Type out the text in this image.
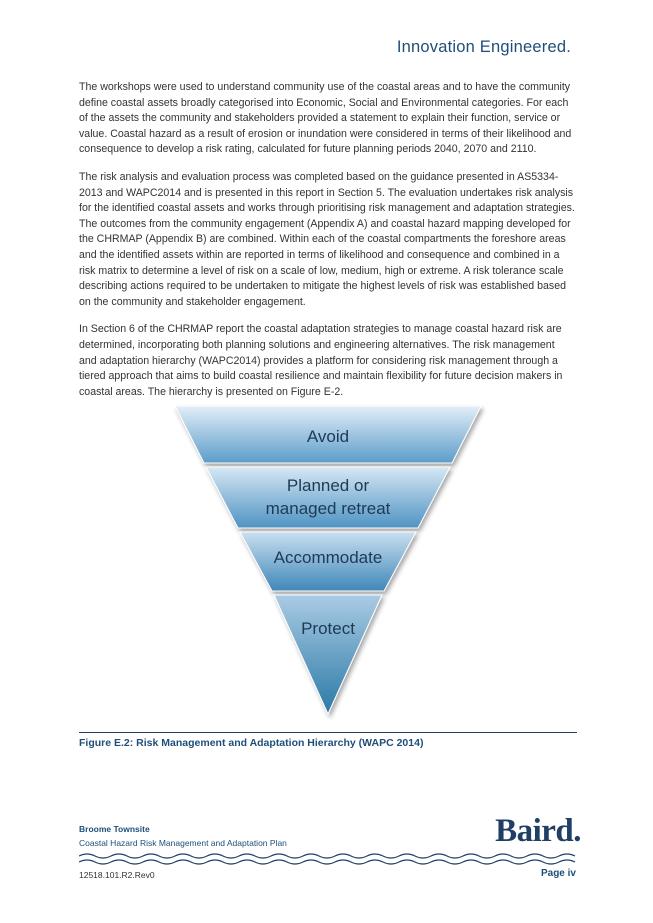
Innovation Engineered.

The workshops were used to understand community use of the coastal areas and to have the community define coastal assets broadly categorised into Economic, Social and Environmental categories. For each of the assets the community and stakeholders provided a statement to explain their function, service or value. Coastal hazard as a result of erosion or inundation were considered in terms of their likelihood and consequence to develop a risk rating, calculated for future planning periods 2040, 2070 and 2110.

The risk analysis and evaluation process was completed based on the guidance presented in AS5334-2013 and WAPC2014 and is presented in this report in Section 5. The evaluation undertakes risk analysis for the identified coastal assets and works through prioritising risk management and adaptation strategies. The outcomes from the community engagement (Appendix A) and coastal hazard mapping developed for the CHRMAP (Appendix B) are combined. Within each of the coastal compartments the foreshore areas and the identified assets within are reported in terms of likelihood and consequence and combined in a risk matrix to determine a level of risk on a scale of low, medium, high or extreme. A risk tolerance scale describing actions required to be undertaken to mitigate the highest levels of risk was established based on the community and stakeholder engagement.

In Section 6 of the CHRMAP report the coastal adaptation strategies to manage coastal hazard risk are determined, incorporating both planning solutions and engineering alternatives. The risk management and adaptation hierarchy (WAPC2014) provides a platform for considering risk management through a tiered approach that aims to build coastal resilience and maintain flexibility for future decision makers in coastal areas. The hierarchy is presented on Figure E-2.

Avoid
Planned or
managed retreat
Accommodate
Protect
Figure E.2: Risk Management and Adaptation Hierarchy (WAPC 2014)
Broome Townsite
Coastal Hazard Risk Management and Adaptation Plan	Baird.
12518.101.R2.Rev0	Page iv
